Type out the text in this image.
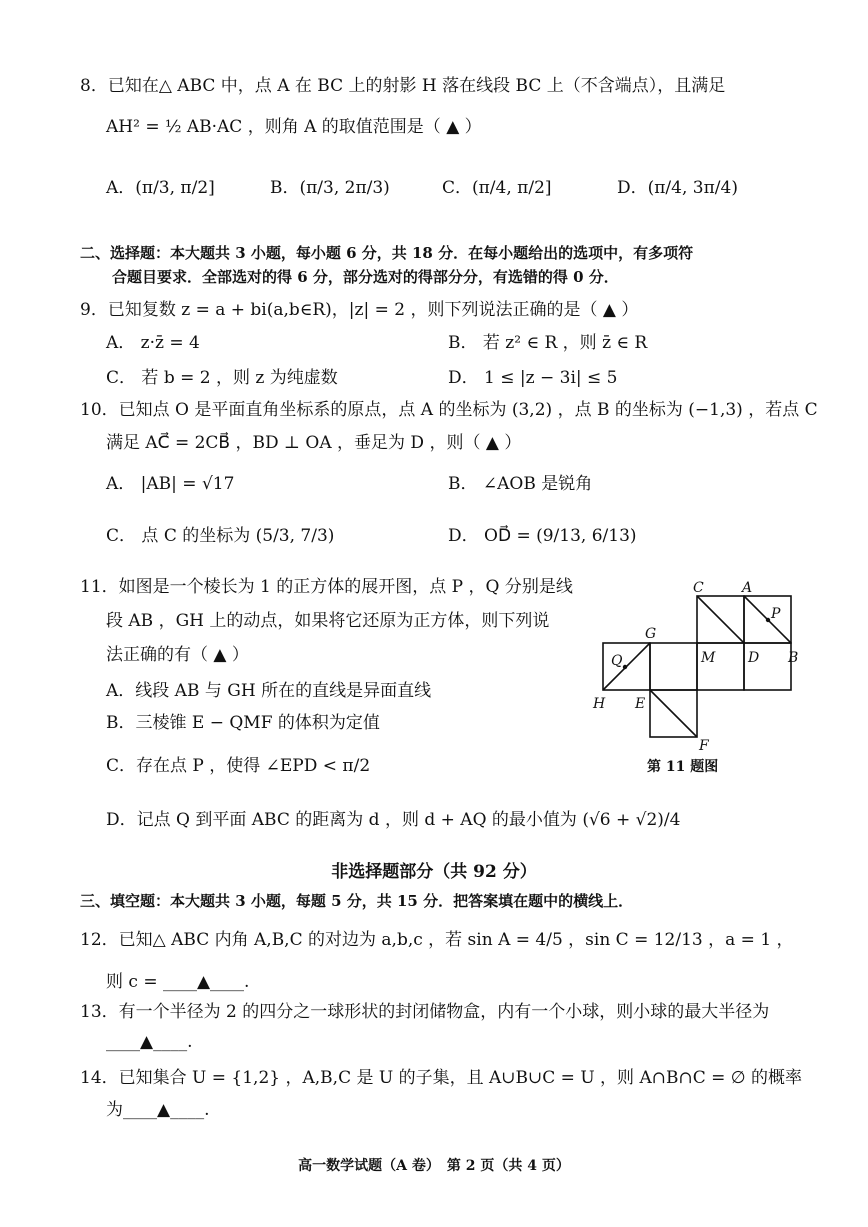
8．已知在△ ABC 中，点 A 在 BC 上的射影 H 落在线段 BC 上（不含端点），且满足
AH² = ½ AB·AC ，则角 A 的取值范围是（ ▲ ）
A．(π/3, π/2]	B．(π/3, 2π/3)	C．(π/4, π/2]	D．(π/4, 3π/4)
二、选择题：本大题共 3 小题，每小题 6 分，共 18 分．在每小题给出的选项中，有多项符
合题目要求．全部选对的得 6 分，部分选对的得部分分，有选错的得 0 分．
9．已知复数 z = a + bi(a,b∈R)，|z| = 2 ，则下列说法正确的是（ ▲ ）
A． z·z̄ = 4	B． 若 z² ∈ R ，则 z̄ ∈ R
C． 若 b = 2 ，则 z 为纯虚数	D． 1 ≤ |z − 3i| ≤ 5
10．已知点 O 是平面直角坐标系的原点，点 A 的坐标为 (3,2) ，点 B 的坐标为 (−1,3) ，若点 C
满足 AC⃗ = 2CB⃗ ，BD ⊥ OA ，垂足为 D ，则（ ▲ ）
A． |AB| = √17	B． ∠AOB 是锐角
C． 点 C 的坐标为 (5/3, 7/3)	D． OD⃗ = (9/13, 6/13)
11．如图是一个棱长为 1 的正方体的展开图，点 P ，Q 分别是线
段 AB ，GH 上的动点，如果将它还原为正方体，则下列说
法正确的有（ ▲ ）
A．线段 AB 与 GH 所在的直线是异面直线
B．三棱锥 E − QMF 的体积为定值
C．存在点 P ，使得 ∠EPD < π/2
D．记点 Q 到平面 ABC 的距离为 d ，则 d + AQ 的最小值为 (√6 + √2)/4
C	A
P
G
Q	M D B
H E
F
第 11 题图
非选择题部分（共 92 分）
三、填空题：本大题共 3 小题，每题 5 分，共 15 分．把答案填在题中的横线上．
12．已知△ ABC 内角 A,B,C 的对边为 a,b,c ，若 sin A = 4/5 ，sin C = 12/13 ，a = 1 ，
则 c = ____▲____.
13．有一个半径为 2 的四分之一球形状的封闭储物盒，内有一个小球，则小球的最大半径为
____▲____.
14．已知集合 U = {1,2} ，A,B,C 是 U 的子集，且 A∪B∪C = U ，则 A∩B∩C = ∅ 的概率
为____▲____.
高一数学试题（A 卷）　第 2 页（共 4 页）
